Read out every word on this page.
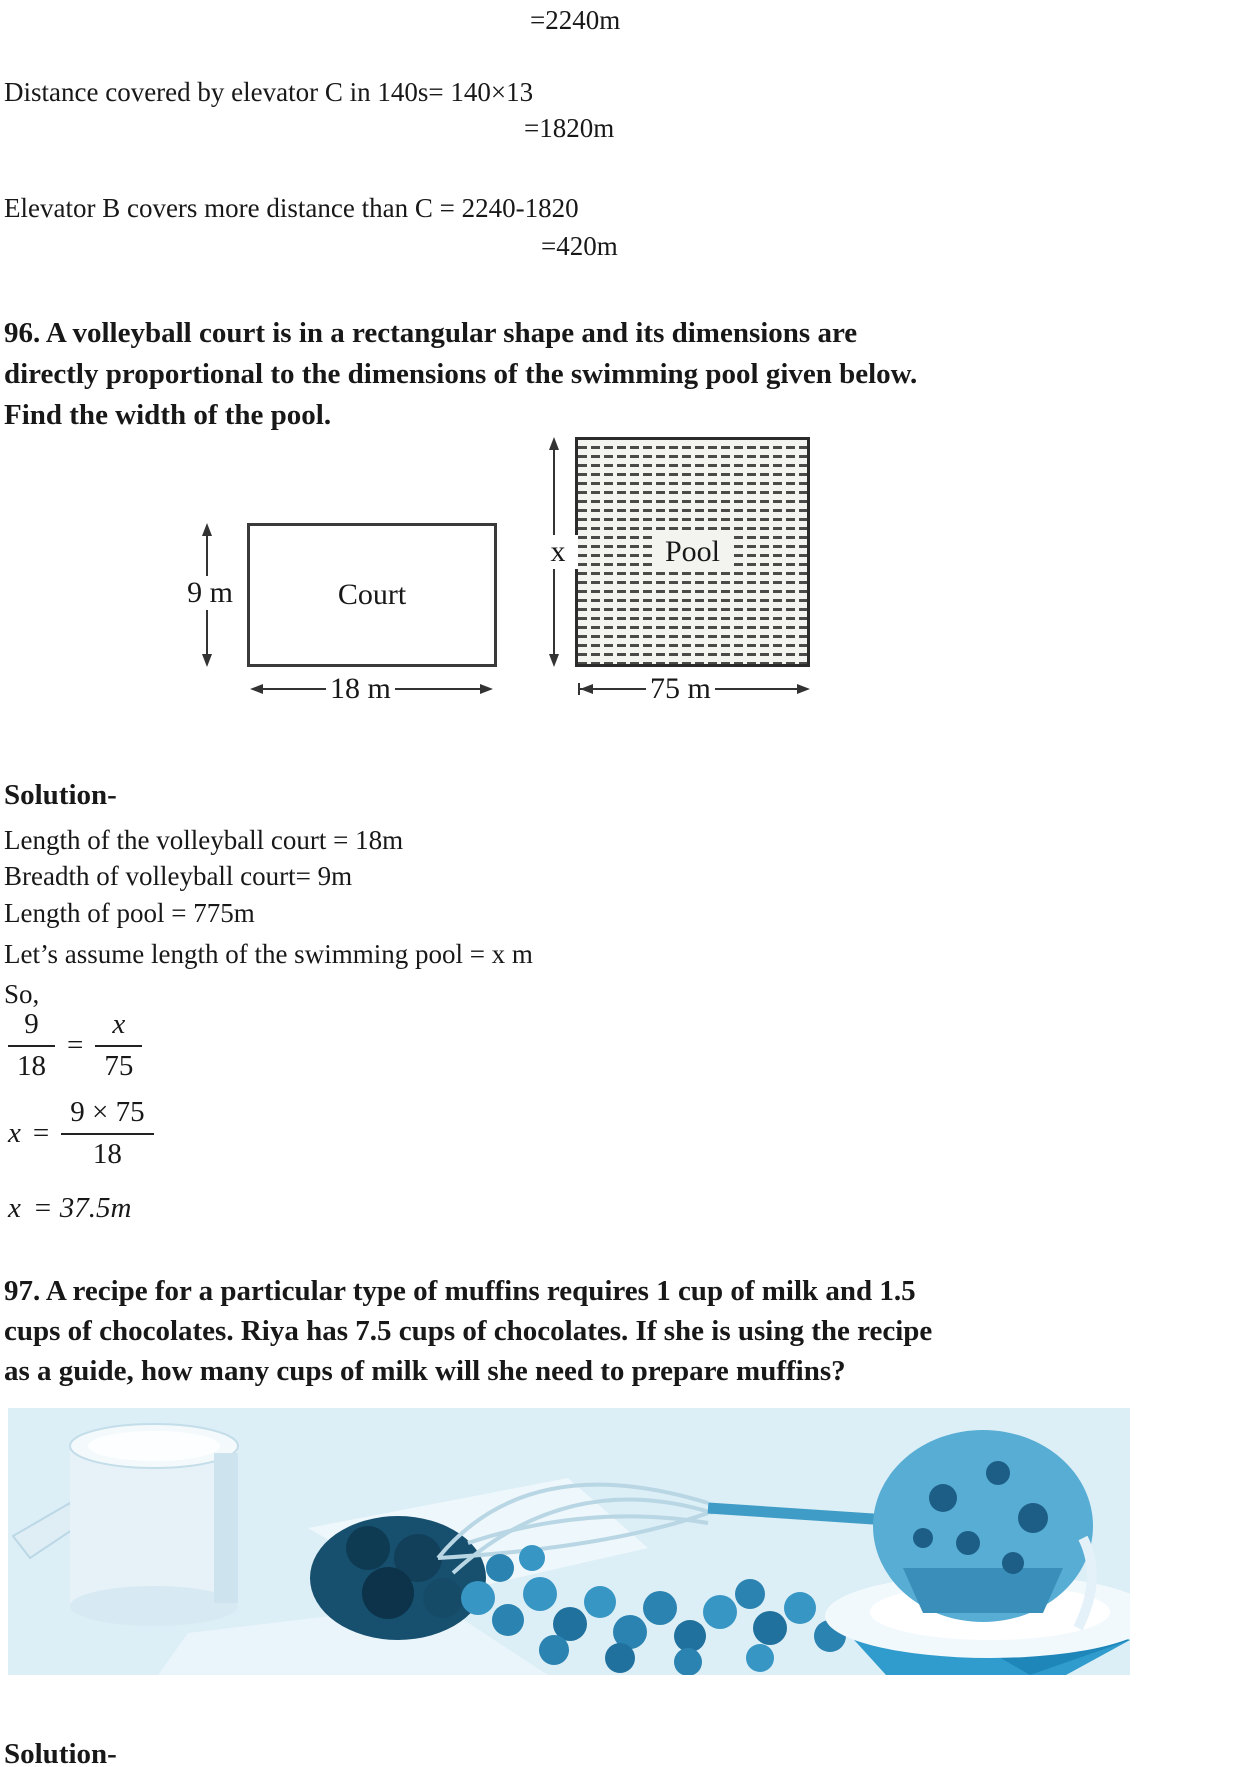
=2240m
Distance covered by elevator C in 140s= 140×13
=1820m
Elevator B covers more distance than C = 2240-1820
=420m
96. A volleyball court is in a rectangular shape and its dimensions are
directly proportional to the dimensions of the swimming pool given below.
Find the width of the pool.
Court
9 m
Pool
x
18 m	75 m
Solution-
Length of the volleyball court = 18m
Breadth of volleyball court= 9m
Length of pool = 775m
Let’s assume length of the swimming pool = x m
So,
$\frac{9}{18} = \frac{x}{75}$
$x = \frac{9 \times 75}{18}$
x = 37.5m
97. A recipe for a particular type of muffins requires 1 cup of milk and 1.5
cups of chocolates. Riya has 7.5 cups of chocolates. If she is using the recipe
as a guide, how many cups of milk will she need to prepare muffins?
Solution-
